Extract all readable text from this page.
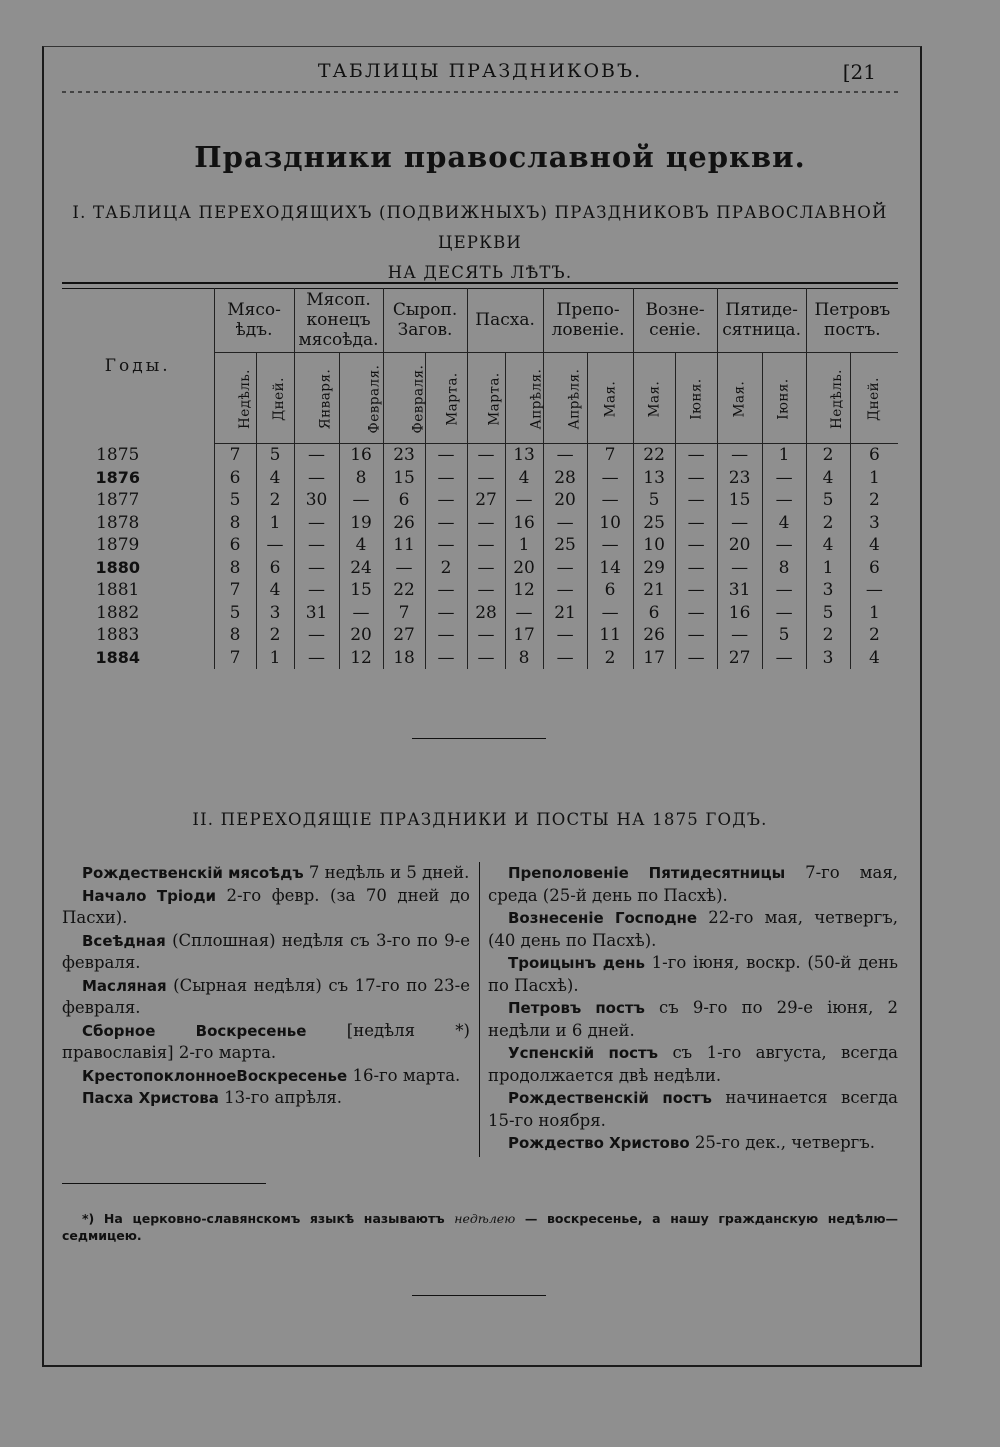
ТАБЛИЦЫ ПРАЗДНИКОВЪ.	[21
Праздники православной церкви.
I. ТАБЛИЦА ПЕРЕХОДЯЩИХЪ (ПОДВИЖНЫХЪ) ПРАЗДНИКОВЪ ПРАВОСЛАВНОЙ ЦЕРКВИ
НА ДЕСЯТЬ ЛѢТЪ.
Годы.	Мясо- ѣдъ.		Мясоп. конецъ мясоѣда.		Сыроп. Загов.		Пасха.		Препо- ловеніе.		Возне- сеніе.		Пятиде- сятница.		Петровъ постъ.	
	Недѣль.	Дней.	Января.	Февраля.	Февраля.	Марта.	Марта.	Апрѣля.	Апрѣля.	Мая.	Мая.	Iюня.	Мая.	Iюня.	Недѣль.	Дней.
1875	7	5	—	16	23	—	—	13	—	7	22	—	—	1	2	6
1876	6	4	—	8	15	—	—	4	28	—	13	—	23	—	4	1
1877	5	2	30	—	6	—	27	—	20	—	5	—	15	—	5	2
1878	8	1	—	19	26	—	—	16	—	10	25	—	—	4	2	3
1879	6	—	—	4	11	—	—	1	25	—	10	—	20	—	4	4
1880	8	6	—	24	—	2	—	20	—	14	29	—	—	8	1	6
1881	7	4	—	15	22	—	—	12	—	6	21	—	31	—	3	—
1882	5	3	31	—	7	—	28	—	21	—	6	—	16	—	5	1
1883	8	2	—	20	27	—	—	17	—	11	26	—	—	5	2	2
1884	7	1	—	12	18	—	—	8	—	2	17	—	27	—	3	4
II. ПЕРЕХОДЯЩІЕ ПРАЗДНИКИ И ПОСТЫ НА 1875 ГОДЪ.

Рождественскій мясоѣдъ 7 недѣль и 5 дней.

Начало Тріоди 2-го февр. (за 70 дней до Пасхи).

Всеѣдная (Сплошная) недѣля съ 3-го по 9-е февраля.

Масляная (Сырная недѣля) съ 17-го по 23-е февраля.

Сборное Воскресенье [недѣля *) православія] 2-го марта.

КрестопоклонноеВоскресенье 16-го марта.

Пасха Христова 13-го апрѣля.

Преполовеніе Пятидесятницы 7-го мая, среда (25-й день по Пасхѣ).

Вознесеніе Господне 22-го мая, четвергъ, (40 день по Пасхѣ).

Троицынъ день 1-го іюня, воскр. (50-й день по Пасхѣ).

Петровъ постъ съ 9-го по 29-е іюня, 2 недѣли и 6 дней.

Успенскій постъ съ 1-го августа, всегда продолжается двѣ недѣли.

Рождественскій постъ начинается всегда 15-го ноября.

Рождество Христово 25-го дек., четвергъ.

*) На церковно-славянскомъ языкѣ называютъ недѣлею — воскресенье, а нашу гражданскую недѣлю—седмицею.
